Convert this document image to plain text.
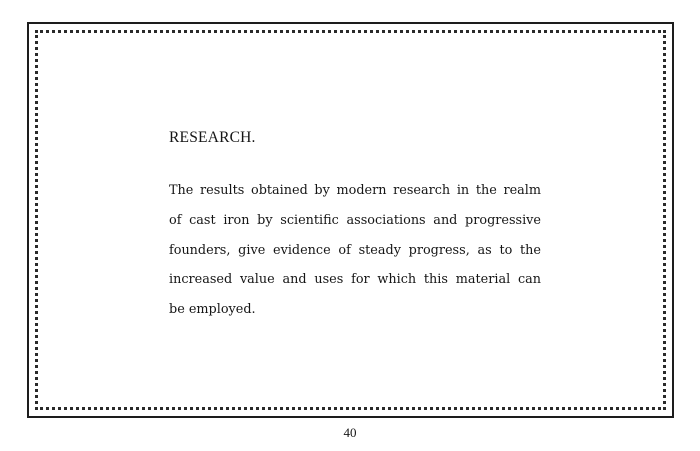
RESEARCH.
The results obtained by modern research in the realm
of cast iron by scientific associations and progressive
founders, give evidence of steady progress, as to the
increased value and uses for which this material can
be employed.
40
